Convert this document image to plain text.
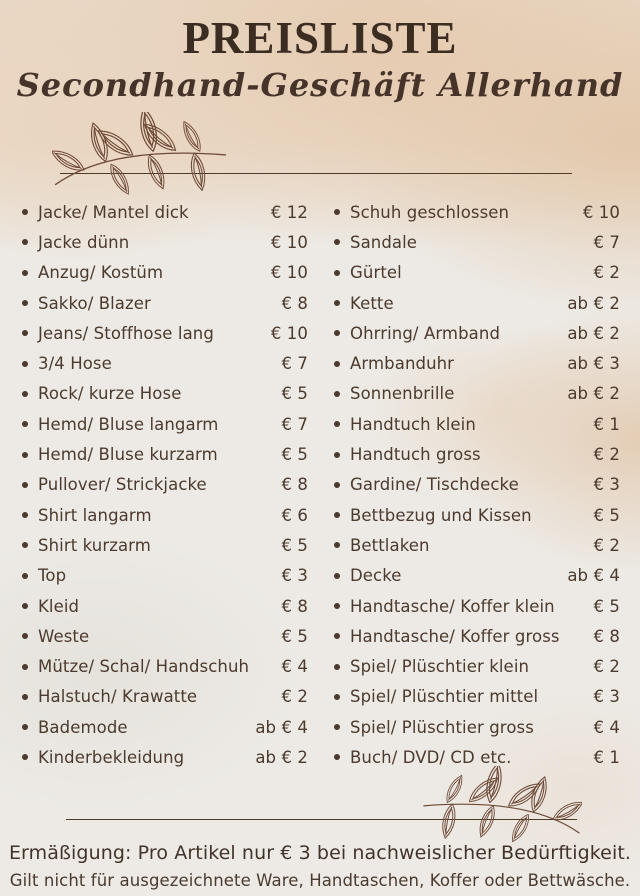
PREISLISTE
Secondhand-Geschäft Allerhand
Jacke/ Mantel dick	€ 12
Jacke dünn	€ 10
Anzug/ Kostüm	€ 10
Sakko/ Blazer	€ 8
Jeans/ Stoffhose lang	€ 10
3/4 Hose	€ 7
Rock/ kurze Hose	€ 5
Hemd/ Bluse langarm	€ 7
Hemd/ Bluse kurzarm	€ 5
Pullover/ Strickjacke	€ 8
Shirt langarm	€ 6
Shirt kurzarm	€ 5
Top	€ 3
Kleid	€ 8
Weste	€ 5
Mütze/ Schal/ Handschuh	€ 4
Halstuch/ Krawatte	€ 2
Bademode	ab € 4
Kinderbekleidung	ab € 2
Schuh geschlossen	€ 10
Sandale	€ 7
Gürtel	€ 2
Kette	ab € 2
Ohrring/ Armband	ab € 2
Armbanduhr	ab € 3
Sonnenbrille	ab € 2
Handtuch klein	€ 1
Handtuch gross	€ 2
Gardine/ Tischdecke	€ 3
Bettbezug und Kissen	€ 5
Bettlaken	€ 2
Decke	ab € 4
Handtasche/ Koffer klein	€ 5
Handtasche/ Koffer gross	€ 8
Spiel/ Plüschtier klein	€ 2
Spiel/ Plüschtier mittel	€ 3
Spiel/ Plüschtier gross	€ 4
Buch/ DVD/ CD etc.	€ 1
Ermäßigung: Pro Artikel nur € 3 bei nachweislicher Bedürftigkeit.
Gilt nicht für ausgezeichnete Ware, Handtaschen, Koffer oder Bettwäsche.
